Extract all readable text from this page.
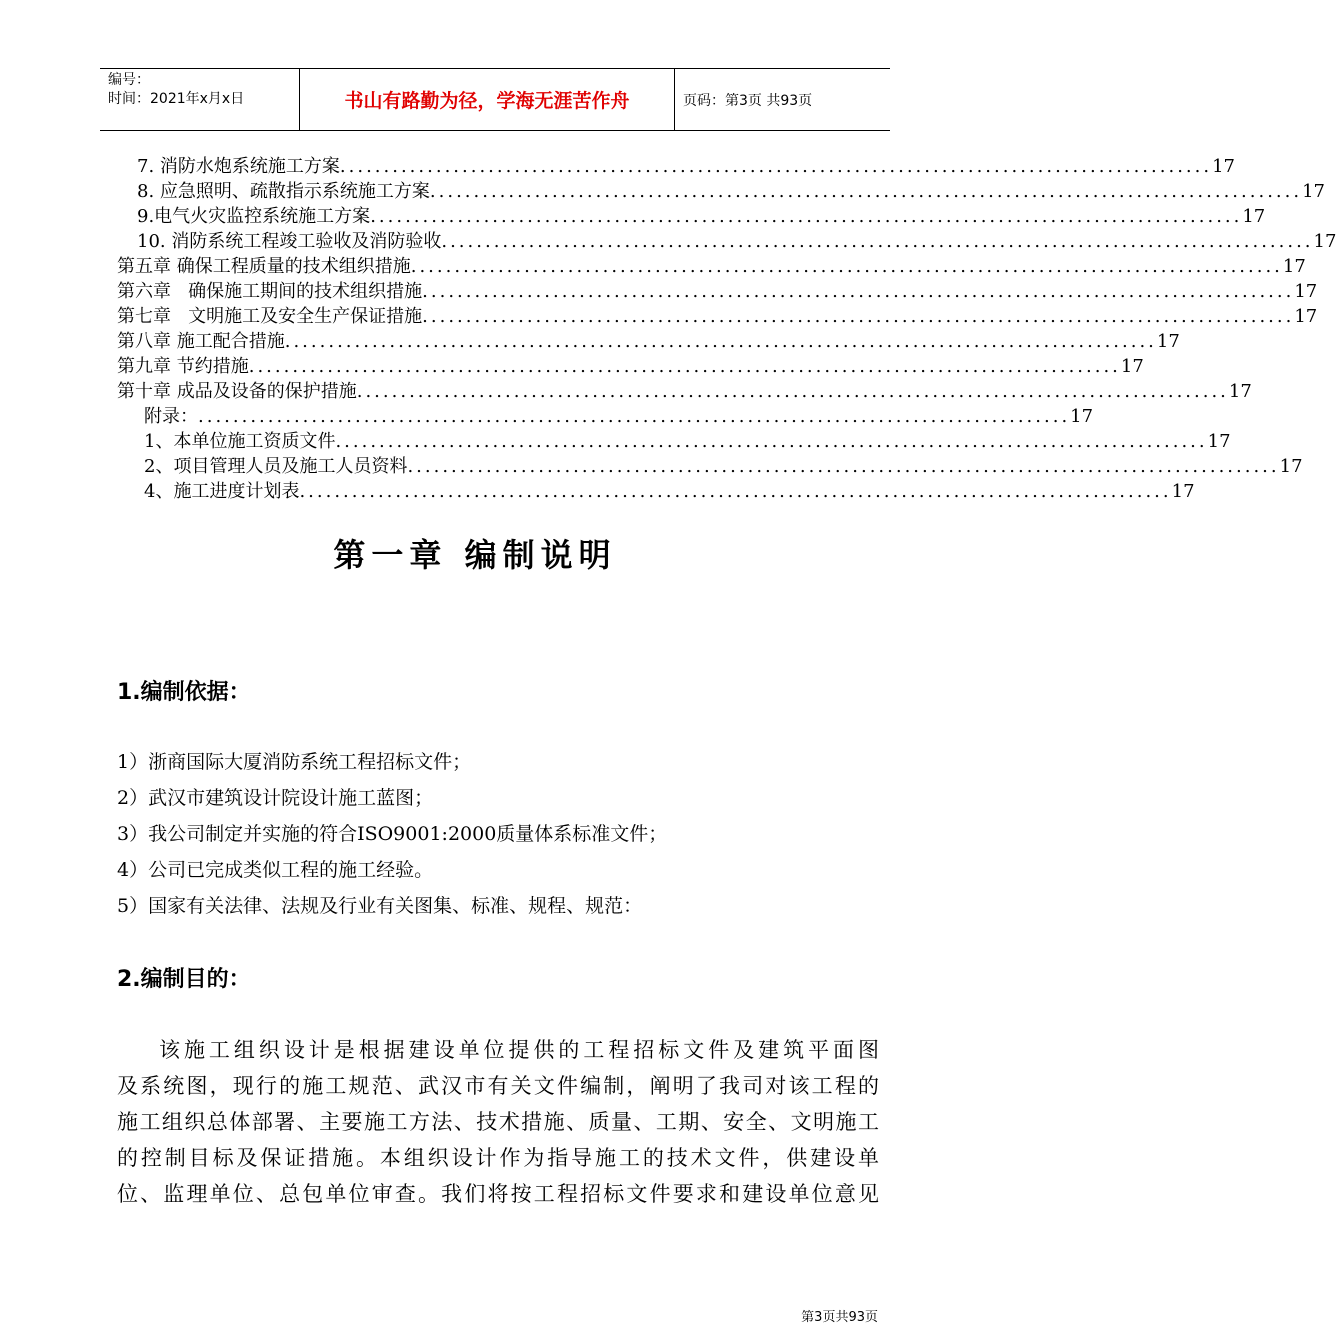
编号：
时间：2021年x月x日	书山有路勤为径，学海无涯苦作舟	页码：第3页 共93页
7. 消防水炮系统施工方案 .................................................................................................... 17
8. 应急照明、疏散指示系统施工方案 .................................................................................................... 17
9.电气火灾监控系统施工方案 .................................................................................................... 17
10. 消防系统工程竣工验收及消防验收 .................................................................................................... 17
第五章 确保工程质量的技术组织措施 .................................................................................................... 17
第六章   确保施工期间的技术组织措施 .................................................................................................... 17
第七章   文明施工及安全生产保证措施 .................................................................................................... 17
第八章 施工配合措施 .................................................................................................... 17
第九章 节约措施 .................................................................................................... 17
第十章 成品及设备的保护措施 .................................................................................................... 17
附录： .................................................................................................... 17
1、本单位施工资质文件 .................................................................................................... 17
2、项目管理人员及施工人员资料 .................................................................................................... 17
4、施工进度计划表 .................................................................................................... 17
第一章 编制说明
1.编制依据：
1）浙商国际大厦消防系统工程招标文件；
2）武汉市建筑设计院设计施工蓝图；
3）我公司制定并实施的符合ISO9001:2000质量体系标准文件；
4）公司已完成类似工程的施工经验。
5）国家有关法律、法规及行业有关图集、标准、规程、规范：
2.编制目的：
该施工组织设计是根据建设单位提供的工程招标文件及建筑平面图
及系统图，现行的施工规范、武汉市有关文件编制，阐明了我司对该工程的
施工组织总体部署、主要施工方法、技术措施、质量、工期、安全、文明施工
的控制目标及保证措施。本组织设计作为指导施工的技术文件，供建设单
位、监理单位、总包单位审查。我们将按工程招标文件要求和建设单位意见
第3页共93页
